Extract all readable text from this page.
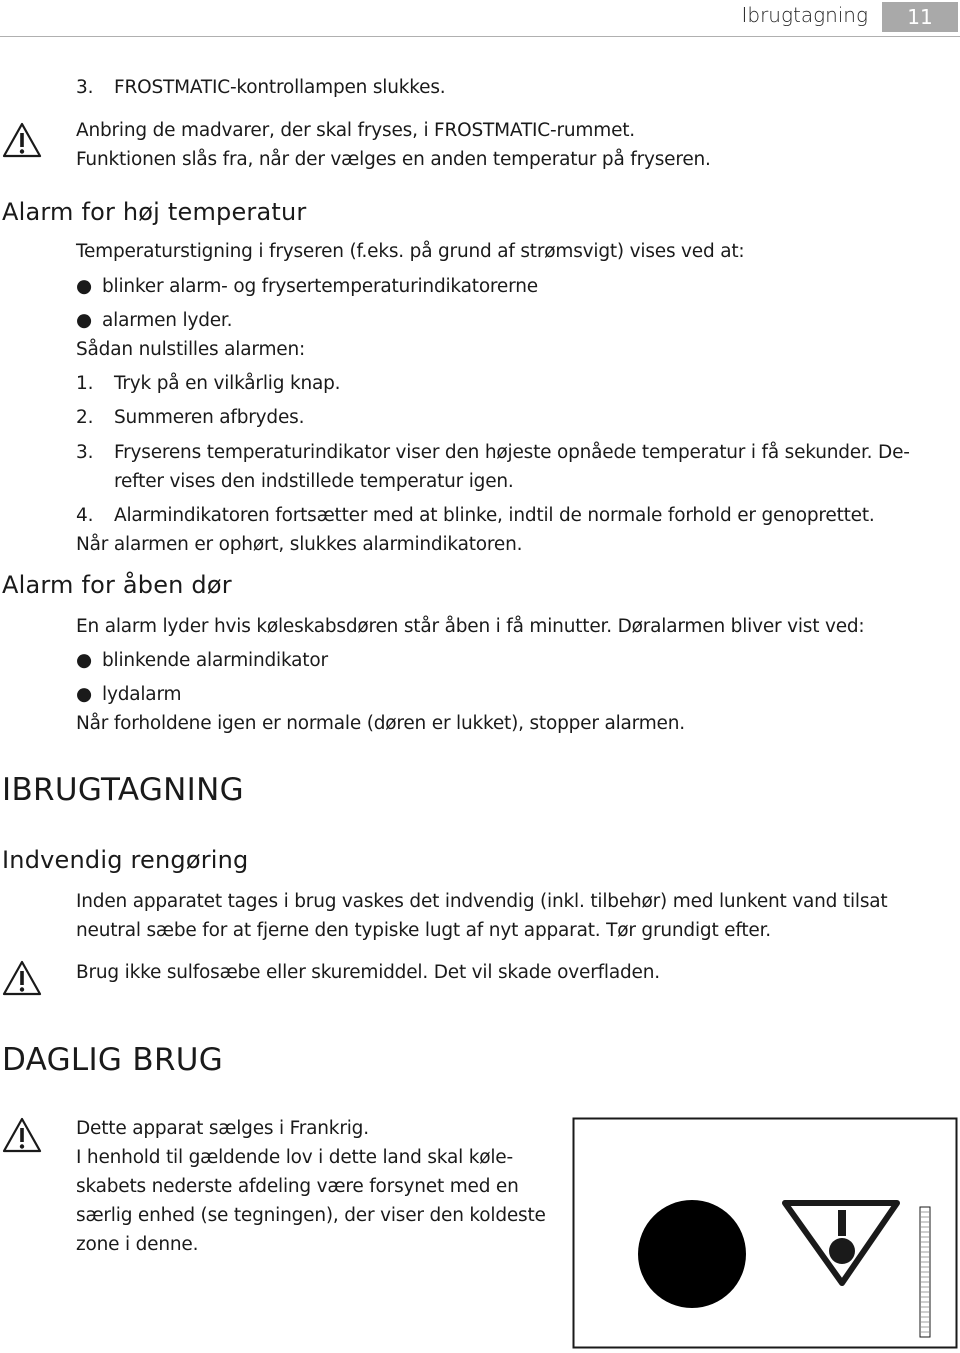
Ibrugtagning	11

3. FROSTMATIC-kontrollampen slukkes.

Anbring de madvarer, der skal fryses, i FROSTMATIC-rummet.

Funktionen slås fra, når der vælges en anden temperatur på fryseren.

Alarm for høj temperatur

Temperaturstigning i fryseren (f.eks. på grund af strømsvigt) vises ved at:

● blinker alarm- og frysertemperaturindikatorerne

● alarmen lyder.

Sådan nulstilles alarmen:

1. Tryk på en vilkårlig knap.

2. Summeren afbrydes.

3. Fryserens temperaturindikator viser den højeste opnåede temperatur i få sekunder. De-

refter vises den indstillede temperatur igen.

4. Alarmindikatoren fortsætter med at blinke, indtil de normale forhold er genoprettet.

Når alarmen er ophørt, slukkes alarmindikatoren.

Alarm for åben dør

En alarm lyder hvis køleskabsdøren står åben i få minutter. Døralarmen bliver vist ved:

● blinkende alarmindikator

● lydalarm

Når forholdene igen er normale (døren er lukket), stopper alarmen.

IBRUGTAGNING
Indvendig rengøring

Inden apparatet tages i brug vaskes det indvendig (inkl. tilbehør) med lunkent vand tilsat

neutral sæbe for at fjerne den typiske lugt af nyt apparat. Tør grundigt efter.

Brug ikke sulfosæbe eller skuremiddel. Det vil skade overfladen.

DAGLIG BRUG

Dette apparat sælges i Frankrig.

I henhold til gældende lov i dette land skal køle-

skabets nederste afdeling være forsynet med en

særlig enhed (se tegningen), der viser den koldeste

zone i denne.
